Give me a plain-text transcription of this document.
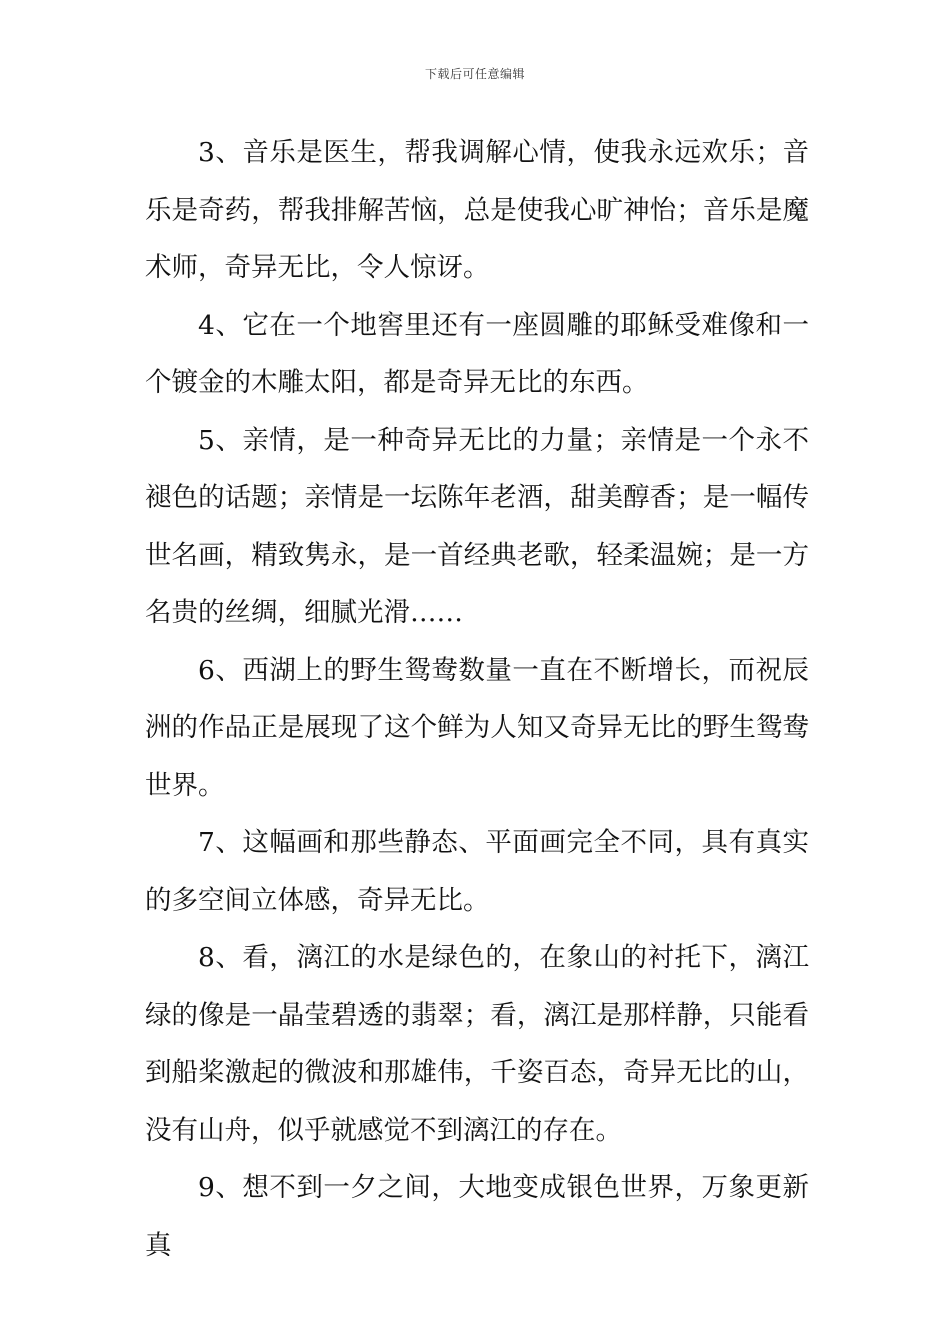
下载后可任意编辑

3、音乐是医生，帮我调解心情，使我永远欢乐；音乐是奇药，帮我排解苦恼，总是使我心旷神怡；音乐是魔术师，奇异无比，令人惊讶。

4、它在一个地窖里还有一座圆雕的耶稣受难像和一个镀金的木雕太阳，都是奇异无比的东西。

5、亲情，是一种奇异无比的力量；亲情是一个永不褪色的话题；亲情是一坛陈年老酒，甜美醇香；是一幅传世名画，精致隽永，是一首经典老歌，轻柔温婉；是一方名贵的丝绸，细腻光滑……

6、西湖上的野生鸳鸯数量一直在不断增长，而祝辰洲的作品正是展现了这个鲜为人知又奇异无比的野生鸳鸯世界。

7、这幅画和那些静态、平面画完全不同，具有真实的多空间立体感，奇异无比。

8、看，漓江的水是绿色的，在象山的衬托下，漓江绿的像是一晶莹碧透的翡翠；看，漓江是那样静，只能看到船桨激起的微波和那雄伟，千姿百态，奇异无比的山，没有山舟，似乎就感觉不到漓江的存在。

9、想不到一夕之间，大地变成银色世界，万象更新真
